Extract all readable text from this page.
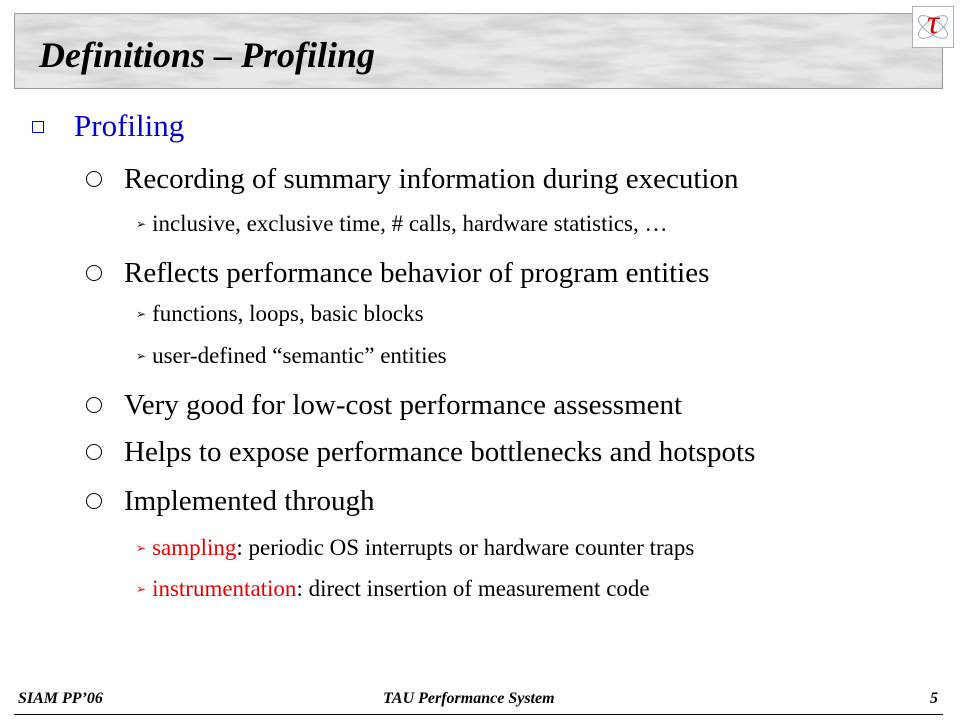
Definitions – Profiling
τ
Profiling
Recording of summary information during execution
➢ inclusive, exclusive time, # calls, hardware statistics, …
Reflects performance behavior of program entities
➢ functions, loops, basic blocks
➢ user-defined “semantic” entities
Very good for low-cost performance assessment
Helps to expose performance bottlenecks and hotspots
Implemented through
➢ sampling: periodic OS interrupts or hardware counter traps
➢ instrumentation: direct insertion of measurement code
SIAM PP’06	TAU Performance System	5
